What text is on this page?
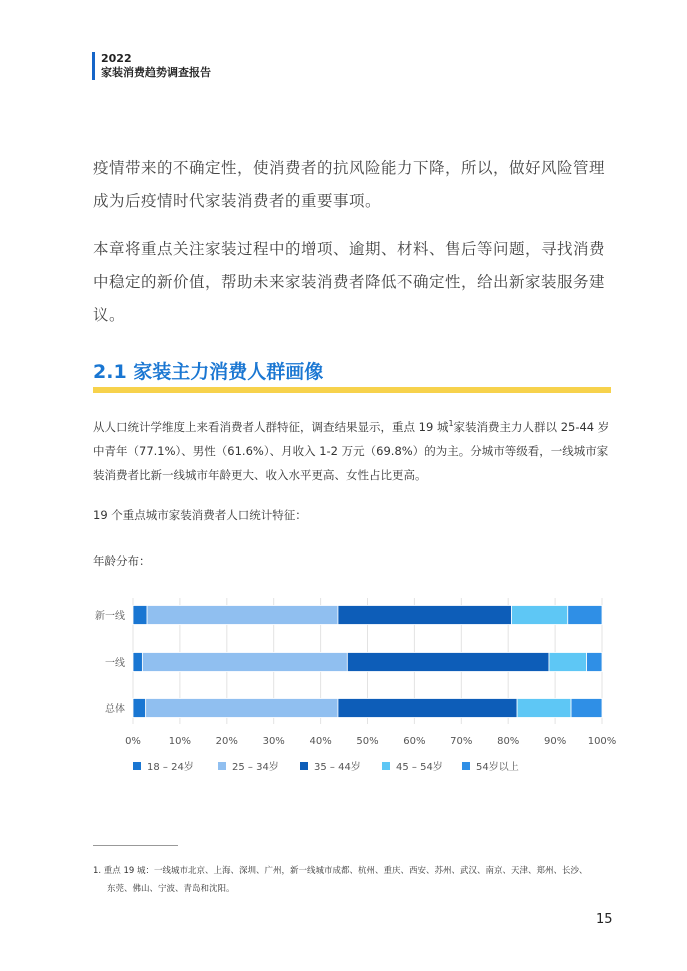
2022
家装消费趋势调查报告

疫情带来的不确定性，使消费者的抗风险能力下降，所以，做好风险管理成为后疫情时代家装消费者的重要事项。

本章将重点关注家装过程中的增项、逾期、材料、售后等问题，寻找消费中稳定的新价值，帮助未来家装消费者降低不确定性，给出新家装服务建议。

2.1 家装主力消费人群画像

从人口统计学维度上来看消费者人群特征，调查结果显示，重点 19 城$^1$家装消费主力人群以 25-44 岁中青年（77.1%）、男性（61.6%）、月收入 1-2 万元（69.8%）的为主。分城市等级看，一线城市家装消费者比新一线城市年龄更大、收入水平更高、女性占比更高。

19 个重点城市家装消费者人口统计特征：

年龄分布：

0%	10% 20% 30% 40% 50% 60% 70% 80% 90% 100%
新一线
一线
总体
18 – 24岁	25 – 34岁	35 – 44岁	45 – 54岁	54岁以上

1. 重点 19 城：一线城市北京、上海、深圳、广州，新一线城市成都、杭州、重庆、西安、苏州、武汉、南京、天津、郑州、长沙、
东莞、佛山、宁波、青岛和沈阳。

15
